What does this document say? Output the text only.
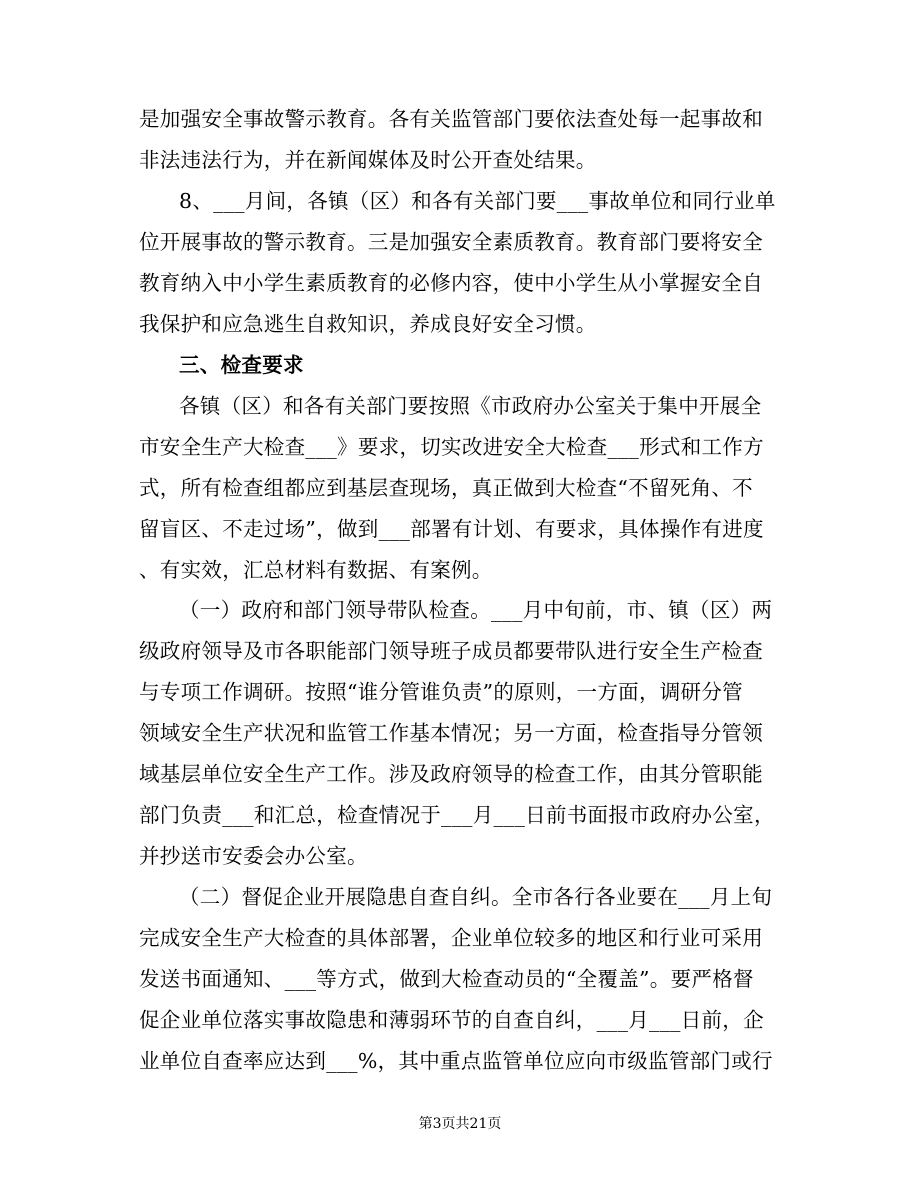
是加强安全事故警示教育。各有关监管部门要依法查处每一起事故和
非法违法行为，并在新闻媒体及时公开查处结果。
8、___月间，各镇（区）和各有关部门要___事故单位和同行业单
位开展事故的警示教育。三是加强安全素质教育。教育部门要将安全
教育纳入中小学生素质教育的必修内容，使中小学生从小掌握安全自
我保护和应急逃生自救知识，养成良好安全习惯。
三、检查要求
各镇（区）和各有关部门要按照《市政府办公室关于集中开展全
市安全生产大检查___》要求，切实改进安全大检查___形式和工作方
式，所有检查组都应到基层查现场，真正做到大检查“不留死角、不
留盲区、不走过场”，做到___部署有计划、有要求，具体操作有进度
、有实效，汇总材料有数据、有案例。
（一）政府和部门领导带队检查。___月中旬前，市、镇（区）两
级政府领导及市各职能部门领导班子成员都要带队进行安全生产检查
与专项工作调研。按照“谁分管谁负责”的原则，一方面，调研分管
领域安全生产状况和监管工作基本情况；另一方面，检查指导分管领
域基层单位安全生产工作。涉及政府领导的检查工作，由其分管职能
部门负责___和汇总，检查情况于___月___日前书面报市政府办公室，
并抄送市安委会办公室。
（二）督促企业开展隐患自查自纠。全市各行各业要在___月上旬
完成安全生产大检查的具体部署，企业单位较多的地区和行业可采用
第3页共21页
发送书面通知、___等方式，做到大检查动员的“全覆盖”。要严格督
促企业单位落实事故隐患和薄弱环节的自查自纠，___月___日前，企
业单位自查率应达到___%，其中重点监管单位应向市级监管部门或行
